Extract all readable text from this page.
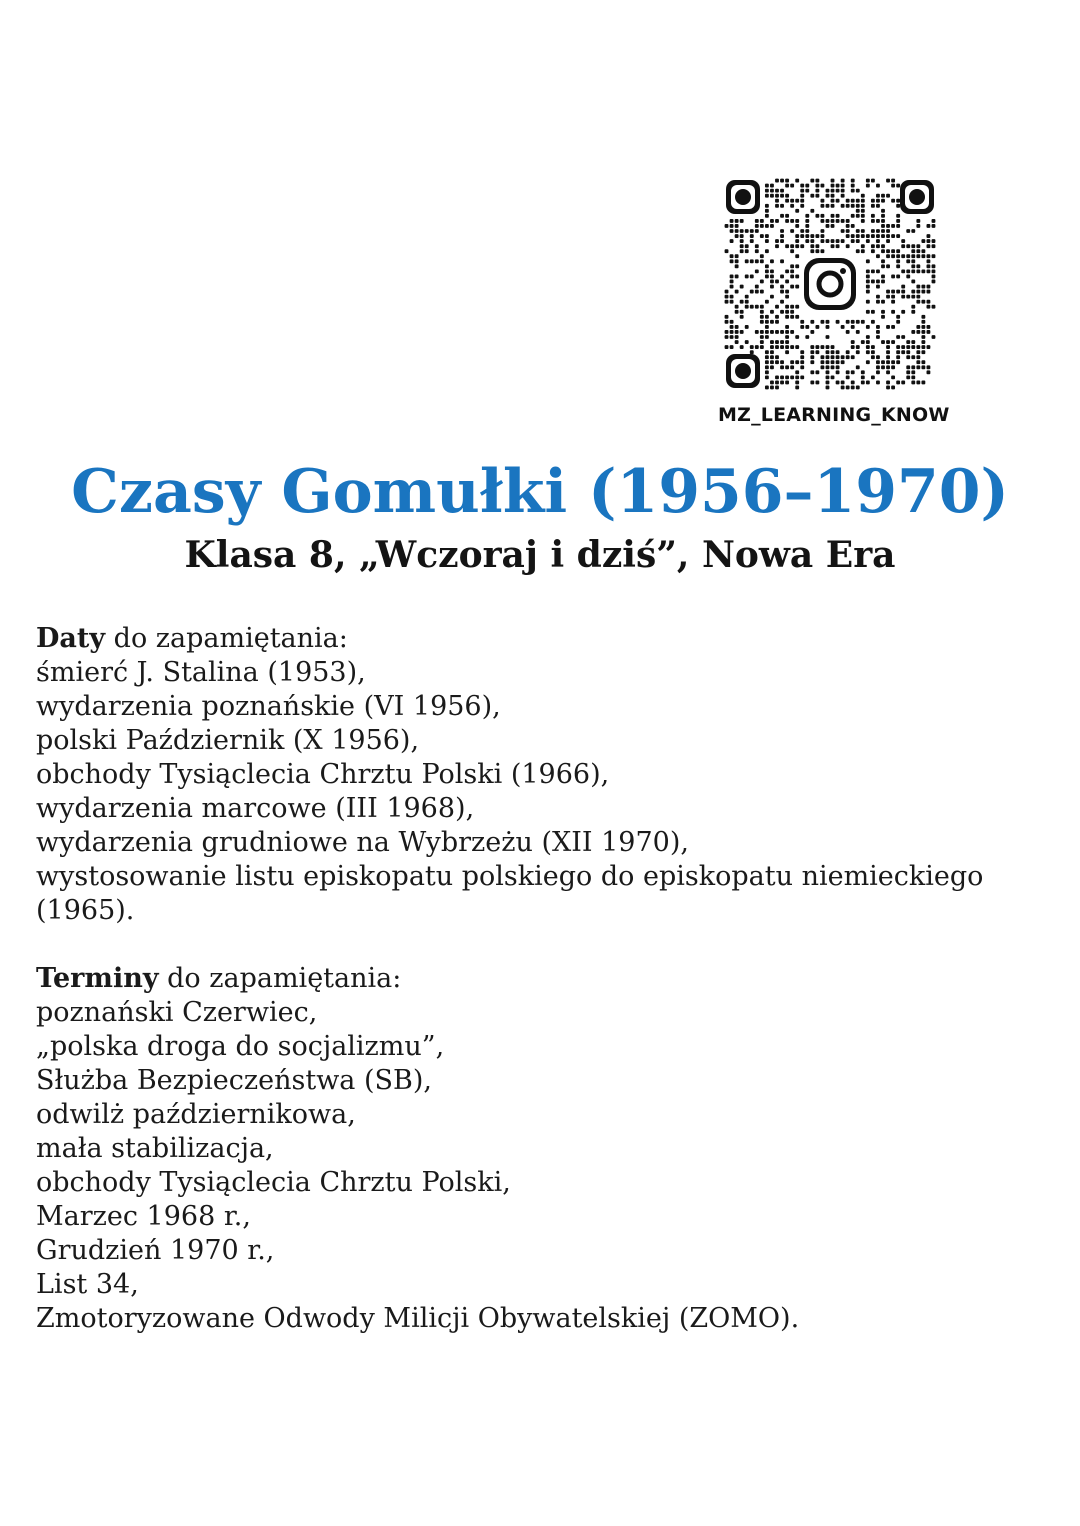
MZ_LEARNING_KNOW
Czasy Gomułki (1956–1970)
Klasa 8, „Wczoraj i dziś”, Nowa Era

Daty do zapamiętania:

śmierć J. Stalina (1953),

wydarzenia poznańskie (VI 1956),

polski Październik (X 1956),

obchody Tysiąclecia Chrztu Polski (1966),

wydarzenia marcowe (III 1968),

wydarzenia grudniowe na Wybrzeżu (XII 1970),

wystosowanie listu episkopatu polskiego do episkopatu niemieckiego (1965).

Terminy do zapamiętania:

poznański Czerwiec,

„polska droga do socjalizmu”,

Służba Bezpieczeństwa (SB),

odwilż październikowa,

mała stabilizacja,

obchody Tysiąclecia Chrztu Polski,

Marzec 1968 r.,

Grudzień 1970 r.,

List 34,

Zmotoryzowane Odwody Milicji Obywatelskiej (ZOMO).
